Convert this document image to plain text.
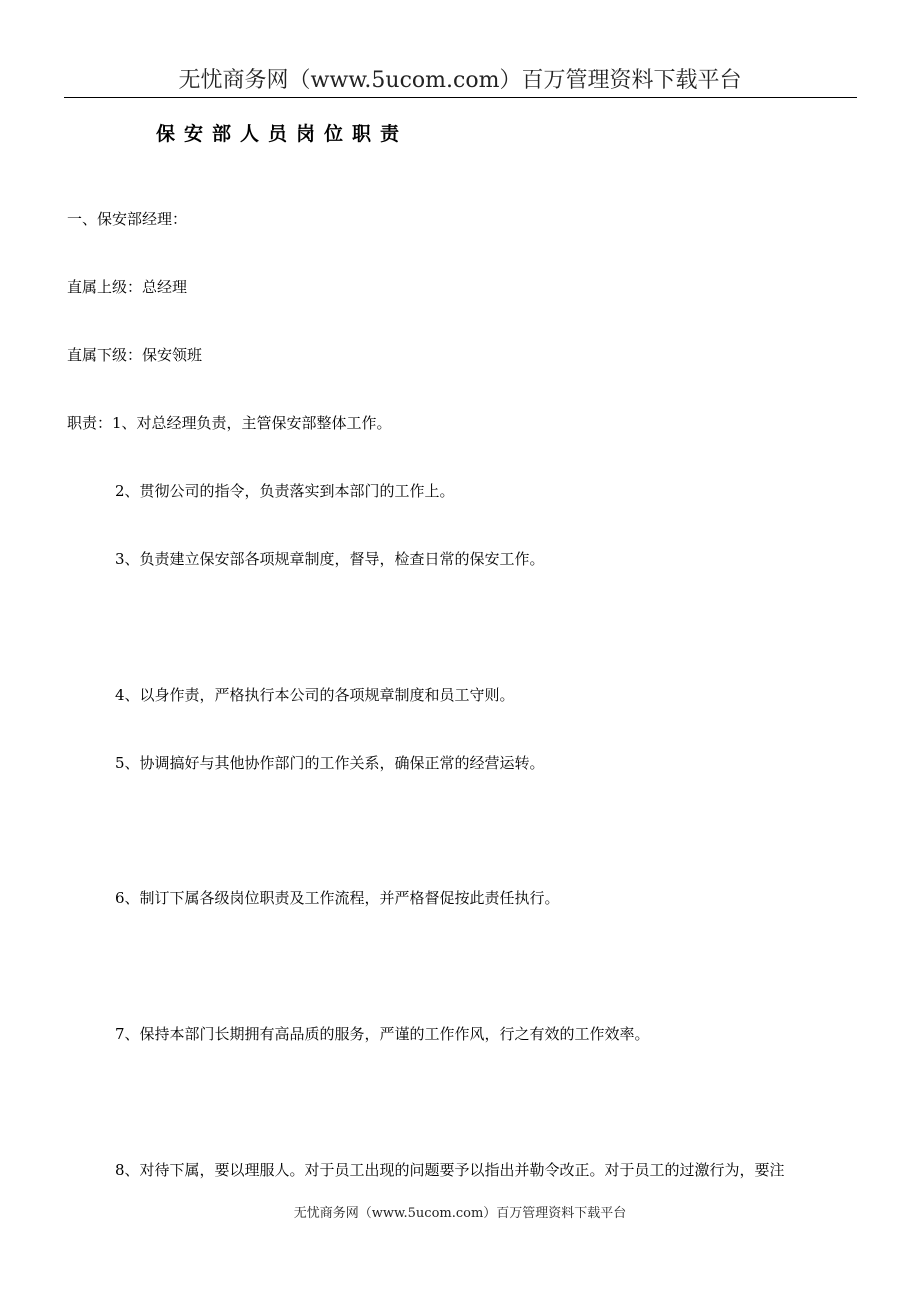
无忧商务网（www.5ucom.com）百万管理资料下载平台
保安部人员岗位职责
一、保安部经理：
直属上级：总经理
直属下级：保安领班
职责：1、对总经理负责，主管保安部整体工作。
2、贯彻公司的指令，负责落实到本部门的工作上。
3、负责建立保安部各项规章制度，督导，检查日常的保安工作。
4、以身作责，严格执行本公司的各项规章制度和员工守则。
5、协调搞好与其他协作部门的工作关系，确保正常的经营运转。
6、制订下属各级岗位职责及工作流程，并严格督促按此责任执行。
7、保持本部门长期拥有高品质的服务，严谨的工作作风，行之有效的工作效率。
8、对待下属，要以理服人。对于员工出现的问题要予以指出并勒令改正。对于员工的过激行为，要注
无忧商务网（www.5ucom.com）百万管理资料下载平台
